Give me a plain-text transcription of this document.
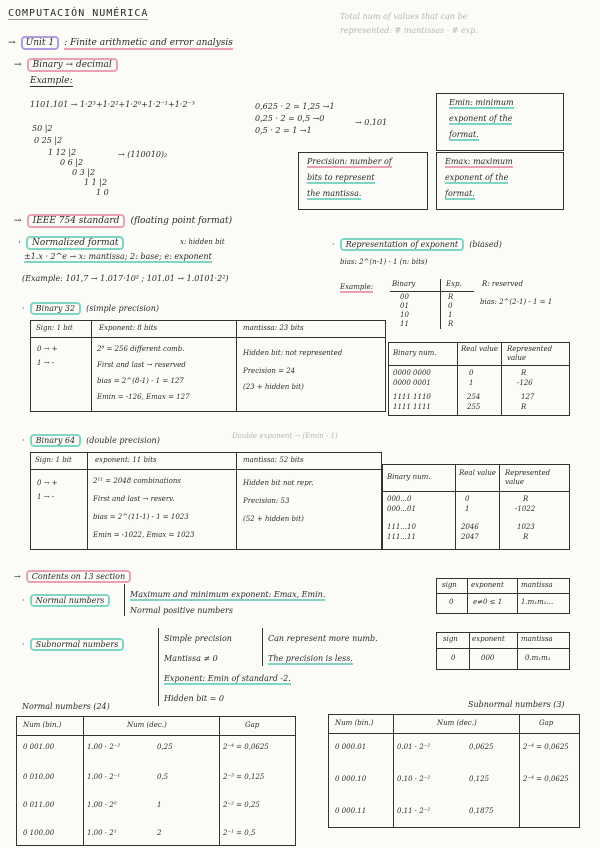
COMPUTACIÓN NUMÉRICA	Total num of values that can be
represented: # mantissas · # exp.
→ Unit 1 : Finite arithmetic and error analysis
→ Binary → decimal
Example:
1101.101 → 1·2³+1·2²+1·2⁰+1·2⁻¹+1·2⁻³
50 |2
0 25 |2
1 12 |2
0 6 |2
0 3 |2
1 1 |2
1 0
→ (110010)₂
0,625 · 2 = 1,25 →1
0,25 · 2 = 0,5 →0
0,5 · 2 = 1 →1
→ 0.101
Emin: minimum
exponent of the
format.
Precision: number of
bits to represent
the mantissa.
Emax: maximum
exponent of the
format.
→ IEEE 754 standard (floating point format)
· Normalized format	x: hidden bit
±1.x · 2^e → x: mantissa; 2: base; e: exponent
(Example: 101,7 → 1.017·10² ; 101.01 → 1.0101·2²)
· Representation of exponent (biased)
bias: 2^(n-1) - 1 (n: bits)
Example:	Binary	Exp.	R: reserved
00	R
01	0
10	1
11	R
bias: 2^(2-1) - 1 = 1
· Binary 32 (simple precision)
Sign: 1 bit	Exponent: 8 bits	mantissa: 23 bits
0 → +
1 → -
2⁸ = 256 different comb.
First and last → reserved
bias = 2^(8-1) - 1 = 127
Emin = -126, Emax = 127
Hidden bit: not represented
Precision = 24
(23 + hidden bit)
Binary num.	Real value Represented value
0000 0000	0	R
0000 0001	1	-126
1111 1110	254	127
1111 1111	255	R
· Binary 64 (double precision)	Double exponent → (Emin - 1)
Sign: 1 bit	exponent: 11 bits	mantissa: 52 bits
0 → +
1 → -
2¹¹ = 2048 combinations
First and last → reserv.
bias = 2^(11-1) - 1 = 1023
Emin = -1022, Emax = 1023
Hidden bit not repr.
Precision: 53
(52 + hidden bit)
Binary num.	Real value Represented value
000...0	0	R
000...01	1	-1022
111...10	2046	1023
111...11	2047	R
→ Contents on 13 section
· Normal numbers
Maximum and minimum exponent: Emax, Emin.
Normal positive numbers
sign exponent mantissa
0	e≠0 ≤ 1	1.m₁m₂...
· Subnormal numbers
Simple precision	Can represent more numb.
Mantissa ≠ 0	The precision is less.
Exponent: Emin of standard -2.
Hidden bit = 0
sign exponent mantissa
0	000	0.m₁m₂
Normal numbers (24)
Num (bin.)	Num (dec.)	Gap
0 001.00	1.00 · 2⁻²	0,25	2⁻⁴ = 0,0625
0 010.00	1.00 · 2⁻¹	0,5	2⁻³ = 0,125
0 011.00	1.00 · 2⁰	1	2⁻² = 0,25
0 100.00	1.00 · 2¹	2	2⁻¹ = 0,5
Subnormal numbers (3)
Num (bin.)	Num (dec.)	Gap
0 000.01	0.01 · 2⁻²	0,0625	2⁻⁴ = 0,0625
0 000.10	0.10 · 2⁻²	0,125	2⁻⁴ = 0,0625
0 000.11	0.11 · 2⁻²	0,1875
